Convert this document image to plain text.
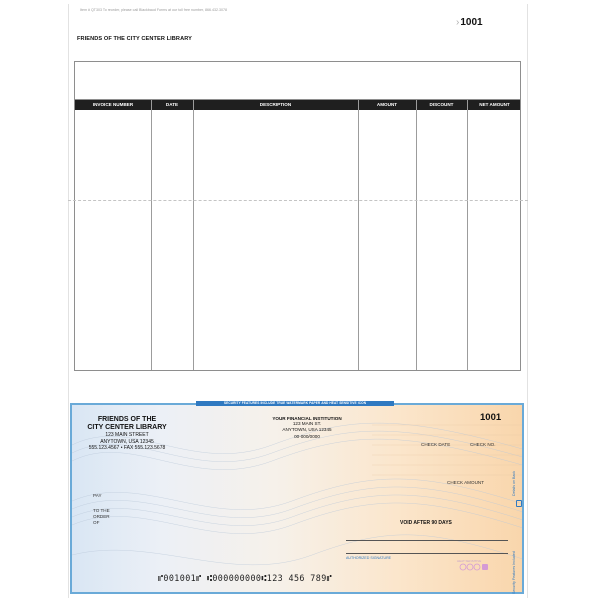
Item # QT303 To reorder, please call Blackbaud Forms at our toll free number, 866.432.3078
›1001
FRIENDS OF THE CITY CENTER LIBRARY
INVOICE NUMBER	DATE	DESCRIPTION	AMOUNT	DISCOUNT	NET AMOUNT
SECURITY FEATURES INCLUDE TRUE WATERMARK PAPER AND HEAT SENSITIVE ICON
FRIENDS OF THE
CITY CENTER LIBRARY
123 MAIN STREET
ANYTOWN, USA 12345
555.123.4567 • FAX 555.123.5678
YOUR FINANCIAL INSTITUTION
123 MAIN ST.
ANYTOWN, USA 12345
00-000/0000
1001
CHECK DATE	CHECK NO.
CHECK AMOUNT
PAY
TO THE
ORDER
OF	VOID AFTER 90 DAYS
AUTHORIZED SIGNATURE
HEAT SENSITIVE
⑈001001⑈ ⑆000000000⑆123 456 789⑈
Details on Back
Security Features Included
